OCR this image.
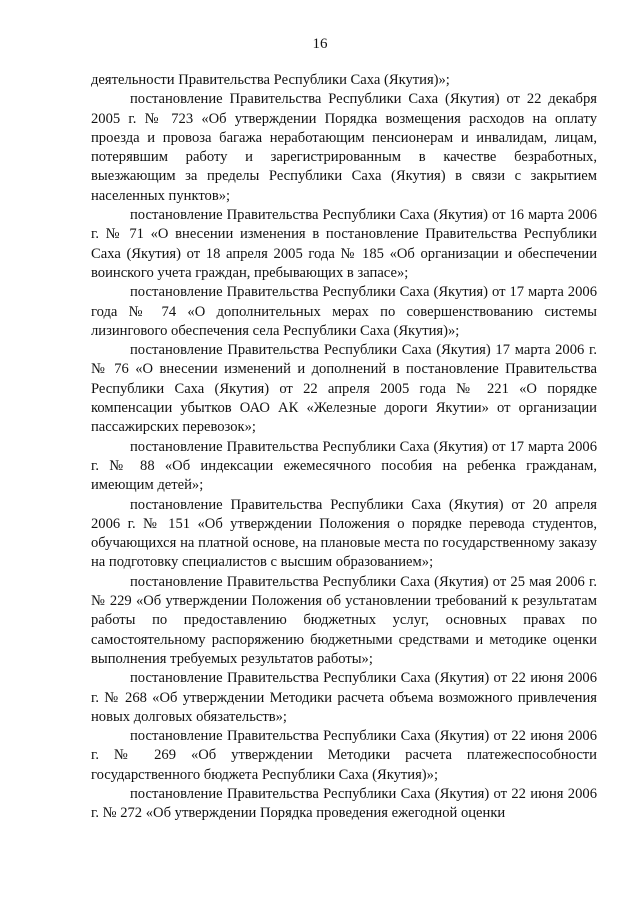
16

деятельности Правительства Республики Саха (Якутия)»;

постановление Правительства Республики Саха (Якутия) от 22 декабря 2005 г. № 723 «Об утверждении Порядка возмещения расходов на оплату проезда и провоза багажа неработающим пенсионерам и инвалидам, лицам, потерявшим работу и зарегистрированным в качестве безработных, выезжающим за пределы Республики Саха (Якутия) в связи с закрытием населенных пунктов»;

постановление Правительства Республики Саха (Якутия) от 16 марта 2006 г. № 71 «О внесении изменения в постановление Правительства Республики Саха (Якутия) от 18 апреля 2005 года № 185 «Об организации и обеспечении воинского учета граждан, пребывающих в запасе»;

постановление Правительства Республики Саха (Якутия) от 17 марта 2006 года № 74 «О дополнительных мерах по совершенствованию системы лизингового обеспечения села Республики Саха (Якутия)»;

постановление Правительства Республики Саха (Якутия) 17 марта 2006 г. № 76 «О внесении изменений и дополнений в постановление Правительства Республики Саха (Якутия) от 22 апреля 2005 года № 221 «О порядке компенсации убытков ОАО АК «Железные дороги Якутии» от организации пассажирских перевозок»;

постановление Правительства Республики Саха (Якутия) от 17 марта 2006 г. № 88 «Об индексации ежемесячного пособия на ребенка гражданам, имеющим детей»;

постановление Правительства Республики Саха (Якутия) от 20 апреля 2006 г. № 151 «Об утверждении Положения о порядке перевода студентов, обучающихся на платной основе, на плановые места по государственному заказу на подготовку специалистов с высшим образованием»;

постановление Правительства Республики Саха (Якутия) от 25 мая 2006 г. № 229 «Об утверждении Положения об установлении требований к результатам работы по предоставлению бюджетных услуг, основных правах по самостоятельному распоряжению бюджетными средствами и методике оценки выполнения требуемых результатов работы»;

постановление Правительства Республики Саха (Якутия) от 22 июня 2006 г. № 268 «Об утверждении Методики расчета объема возможного привлечения новых долговых обязательств»;

постановление Правительства Республики Саха (Якутия) от 22 июня 2006 г. № 269 «Об утверждении Методики расчета платежеспособности государственного бюджета Республики Саха (Якутия)»;

постановление Правительства Республики Саха (Якутия) от 22 июня 2006 г. № 272 «Об утверждении Порядка проведения ежегодной оценки
